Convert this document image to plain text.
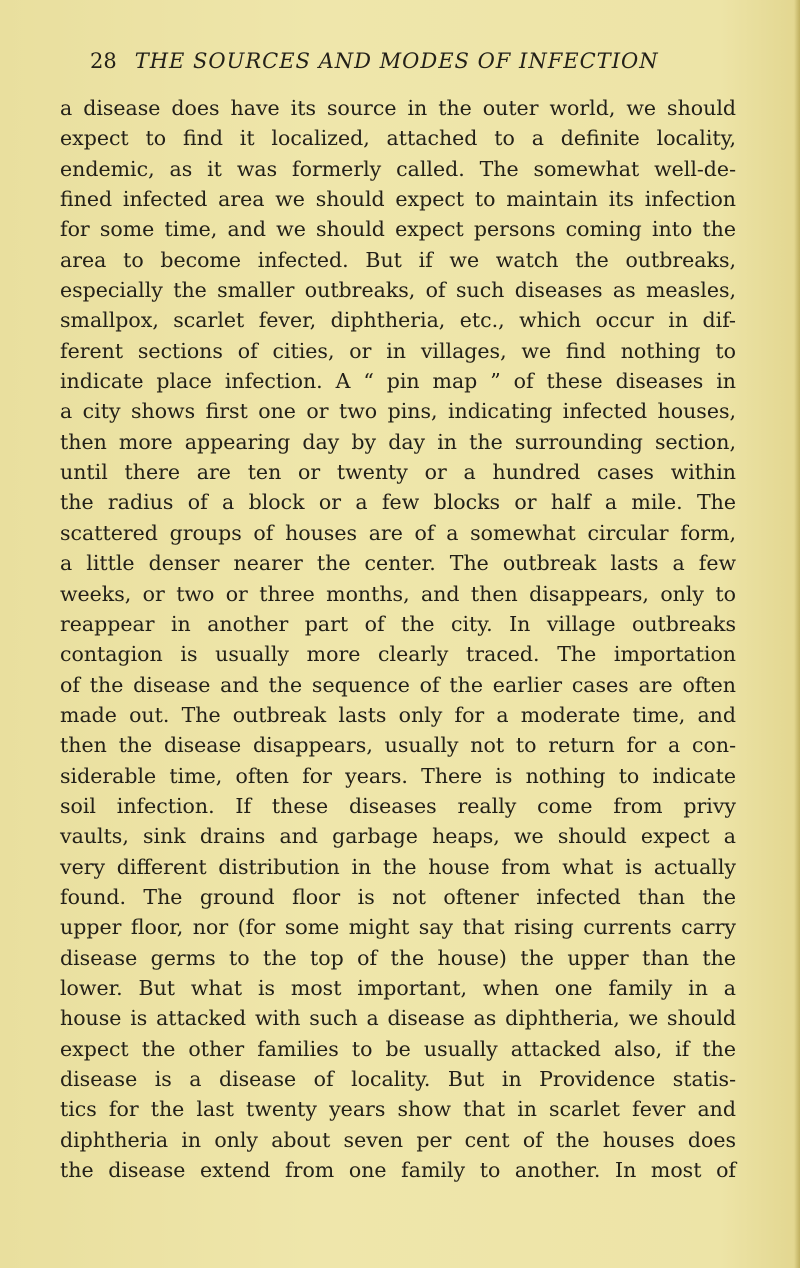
28 THE SOURCES AND MODES OF INFECTION
a disease does have its source in the outer world, we should
expect to find it localized, attached to a definite locality,
endemic, as it was formerly called. The somewhat well-de-
fined infected area we should expect to maintain its infection
for some time, and we should expect persons coming into the
area to become infected. But if we watch the outbreaks,
especially the smaller outbreaks, of such diseases as measles,
smallpox, scarlet fever, diphtheria, etc., which occur in dif-
ferent sections of cities, or in villages, we find nothing to
indicate place infection. A “ pin map ” of these diseases in
a city shows first one or two pins, indicating infected houses,
then more appearing day by day in the surrounding section,
until there are ten or twenty or a hundred cases within
the radius of a block or a few blocks or half a mile. The
scattered groups of houses are of a somewhat circular form,
a little denser nearer the center. The outbreak lasts a few
weeks, or two or three months, and then disappears, only to
reappear in another part of the city. In village outbreaks
contagion is usually more clearly traced. The importation
of the disease and the sequence of the earlier cases are often
made out. The outbreak lasts only for a moderate time, and
then the disease disappears, usually not to return for a con-
siderable time, often for years. There is nothing to indicate
soil infection. If these diseases really come from privy
vaults, sink drains and garbage heaps, we should expect a
very different distribution in the house from what is actually
found. The ground floor is not oftener infected than the
upper floor, nor (for some might say that rising currents carry
disease germs to the top of the house) the upper than the
lower. But what is most important, when one family in a
house is attacked with such a disease as diphtheria, we should
expect the other families to be usually attacked also, if the
disease is a disease of locality. But in Providence statis-
tics for the last twenty years show that in scarlet fever and
diphtheria in only about seven per cent of the houses does
the disease extend from one family to another. In most of
